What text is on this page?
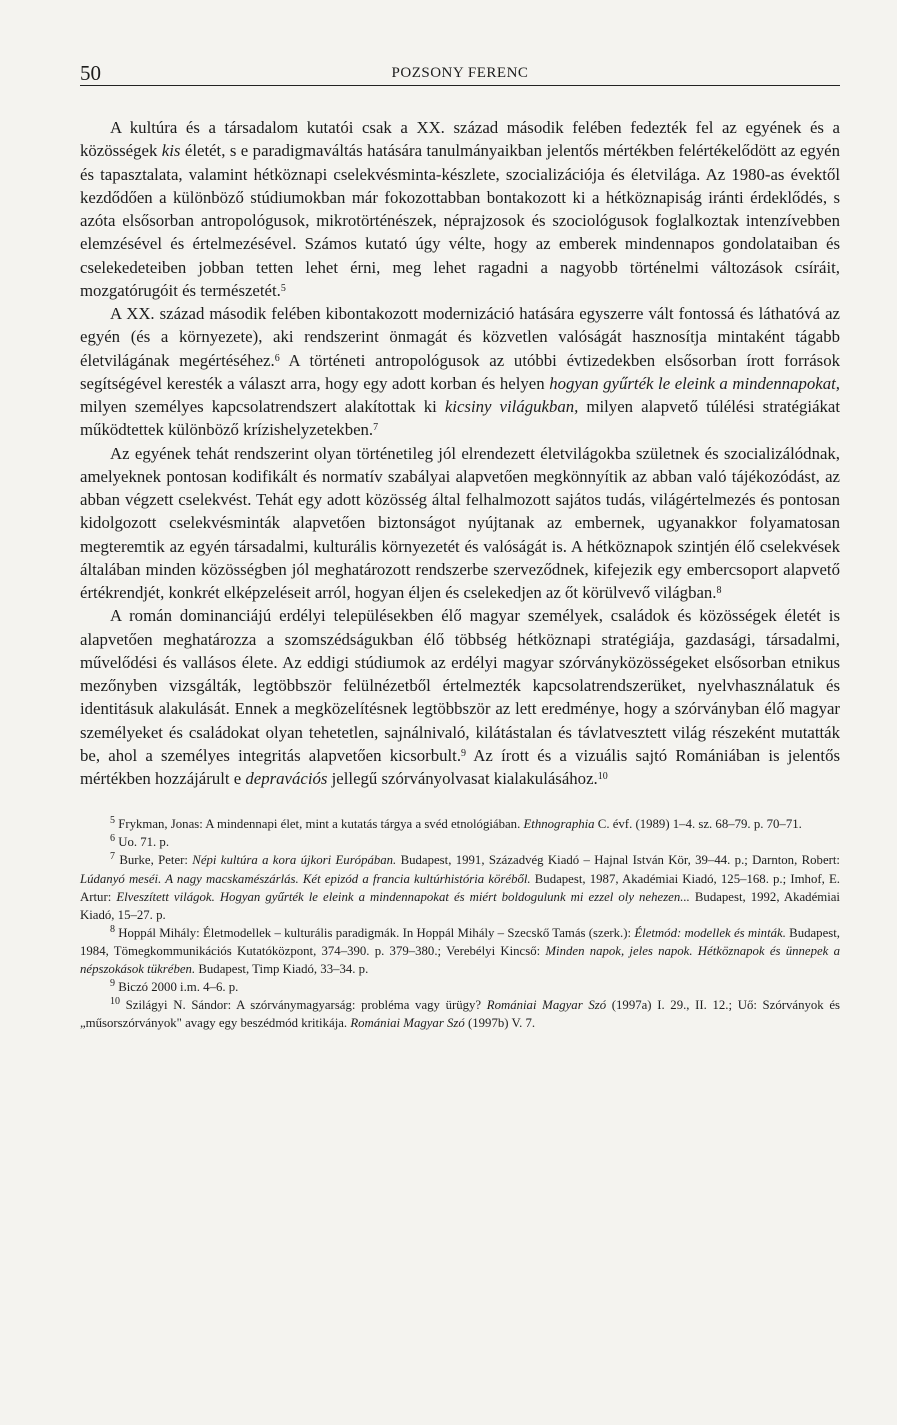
50	POZSONY FERENC

A kultúra és a társadalom kutatói csak a XX. század második felében fedezték fel az egyének és a közösségek kis életét, s e paradigmaváltás hatására tanulmányaikban jelentős mértékben felértékelődött az egyén és tapasztalata, valamint hétköznapi cselekvésminta-készlete, szocializációja és életvilága. Az 1980-as évektől kezdődően a különböző stúdiumokban már fokozottabban bontakozott ki a hétköznapiság iránti érdeklődés, s azóta elsősorban antropológusok, mikrotörténészek, néprajzosok és szociológusok foglalkoztak intenzívebben elemzésével és értelmezésével. Számos kutató úgy vélte, hogy az emberek mindennapos gondolataiban és cselekedeteiben jobban tetten lehet érni, meg lehet ragadni a nagyobb történelmi változások csíráit, mozgatórugóit és természetét.$^5$

A XX. század második felében kibontakozott modernizáció hatására egyszerre vált fontossá és láthatóvá az egyén (és a környezete), aki rendszerint önmagát és közvetlen valóságát hasznosítja mintaként tágabb életvilágának megértéséhez.$^6$ A történeti antropológusok az utóbbi évtizedekben elsősorban írott források segítségével keresték a választ arra, hogy egy adott korban és helyen hogyan gyűrték le eleink a mindennapokat, milyen személyes kapcsolatrendszert alakítottak ki kicsiny világukban, milyen alapvető túlélési stratégiákat működtettek különböző krízishelyzetekben.$^7$

Az egyének tehát rendszerint olyan történetileg jól elrendezett életvilágokba születnek és szocializálódnak, amelyeknek pontosan kodifikált és normatív szabályai alapvetően megkönnyítik az abban való tájékozódást, az abban végzett cselekvést. Tehát egy adott közösség által felhalmozott sajátos tudás, világértelmezés és pontosan kidolgozott cselekvésminták alapvetően biztonságot nyújtanak az embernek, ugyanakkor folyamatosan megteremtik az egyén társadalmi, kulturális környezetét és valóságát is. A hétköznapok szintjén élő cselekvések általában minden közösségben jól meghatározott rendszerbe szerveződnek, kifejezik egy embercsoport alapvető értékrendjét, konkrét elképzeléseit arról, hogyan éljen és cselekedjen az őt körülvevő világban.$^8$

A román dominanciájú erdélyi településekben élő magyar személyek, családok és közösségek életét is alapvetően meghatározza a szomszédságukban élő többség hétköznapi stratégiája, gazdasági, társadalmi, művelődési és vallásos élete. Az eddigi stúdiumok az erdélyi magyar szórványközösségeket elsősorban etnikus mezőnyben vizsgálták, legtöbbször felülnézetből értelmezték kapcsolatrendszerüket, nyelvhasználatuk és identitásuk alakulását. Ennek a megközelítésnek legtöbbször az lett eredménye, hogy a szórványban élő magyar személyeket és családokat olyan tehetetlen, sajnálnivaló, kilátástalan és távlatvesztett világ részeként mutatták be, ahol a személyes integritás alapvetően kicsorbult.$^9$ Az írott és a vizuális sajtó Romániában is jelentős mértékben hozzájárult e depravációs jellegű szórványolvasat kialakulásához.$^{10}$

$^5$ Frykman, Jonas: A mindennapi élet, mint a kutatás tárgya a svéd etnológiában. Ethnographia C. évf. (1989) 1–4. sz. 68–79. p. 70–71.

$^6$ Uo. 71. p.

$^7$ Burke, Peter: Népi kultúra a kora újkori Európában. Budapest, 1991, Századvég Kiadó – Hajnal István Kör, 39–44. p.; Darnton, Robert: Lúdanyó meséi. A nagy macskamészárlás. Két epizód a francia kultúrhistória köréből. Budapest, 1987, Akadémiai Kiadó, 125–168. p.; Imhof, E. Artur: Elveszített világok. Hogyan gyűrték le eleink a mindennapokat és miért boldogulunk mi ezzel oly nehezen... Budapest, 1992, Akadémiai Kiadó, 15–27. p.

$^8$ Hoppál Mihály: Életmodellek – kulturális paradigmák. In Hoppál Mihály – Szecskő Tamás (szerk.): Életmód: modellek és minták. Budapest, 1984, Tömegkommunikációs Kutatóközpont, 374–390. p. 379–380.; Verebélyi Kincső: Minden napok, jeles napok. Hétköznapok és ünnepek a népszokások tükrében. Budapest, Timp Kiadó, 33–34. p.

$^9$ Biczó 2000 i.m. 4–6. p.

$^{10}$ Szilágyi N. Sándor: A szórványmagyarság: probléma vagy ürügy? Romániai Magyar Szó (1997a) I. 29., II. 12.; Uő: Szórványok és „műsorszórványok" avagy egy beszédmód kritikája. Romániai Magyar Szó (1997b) V. 7.
